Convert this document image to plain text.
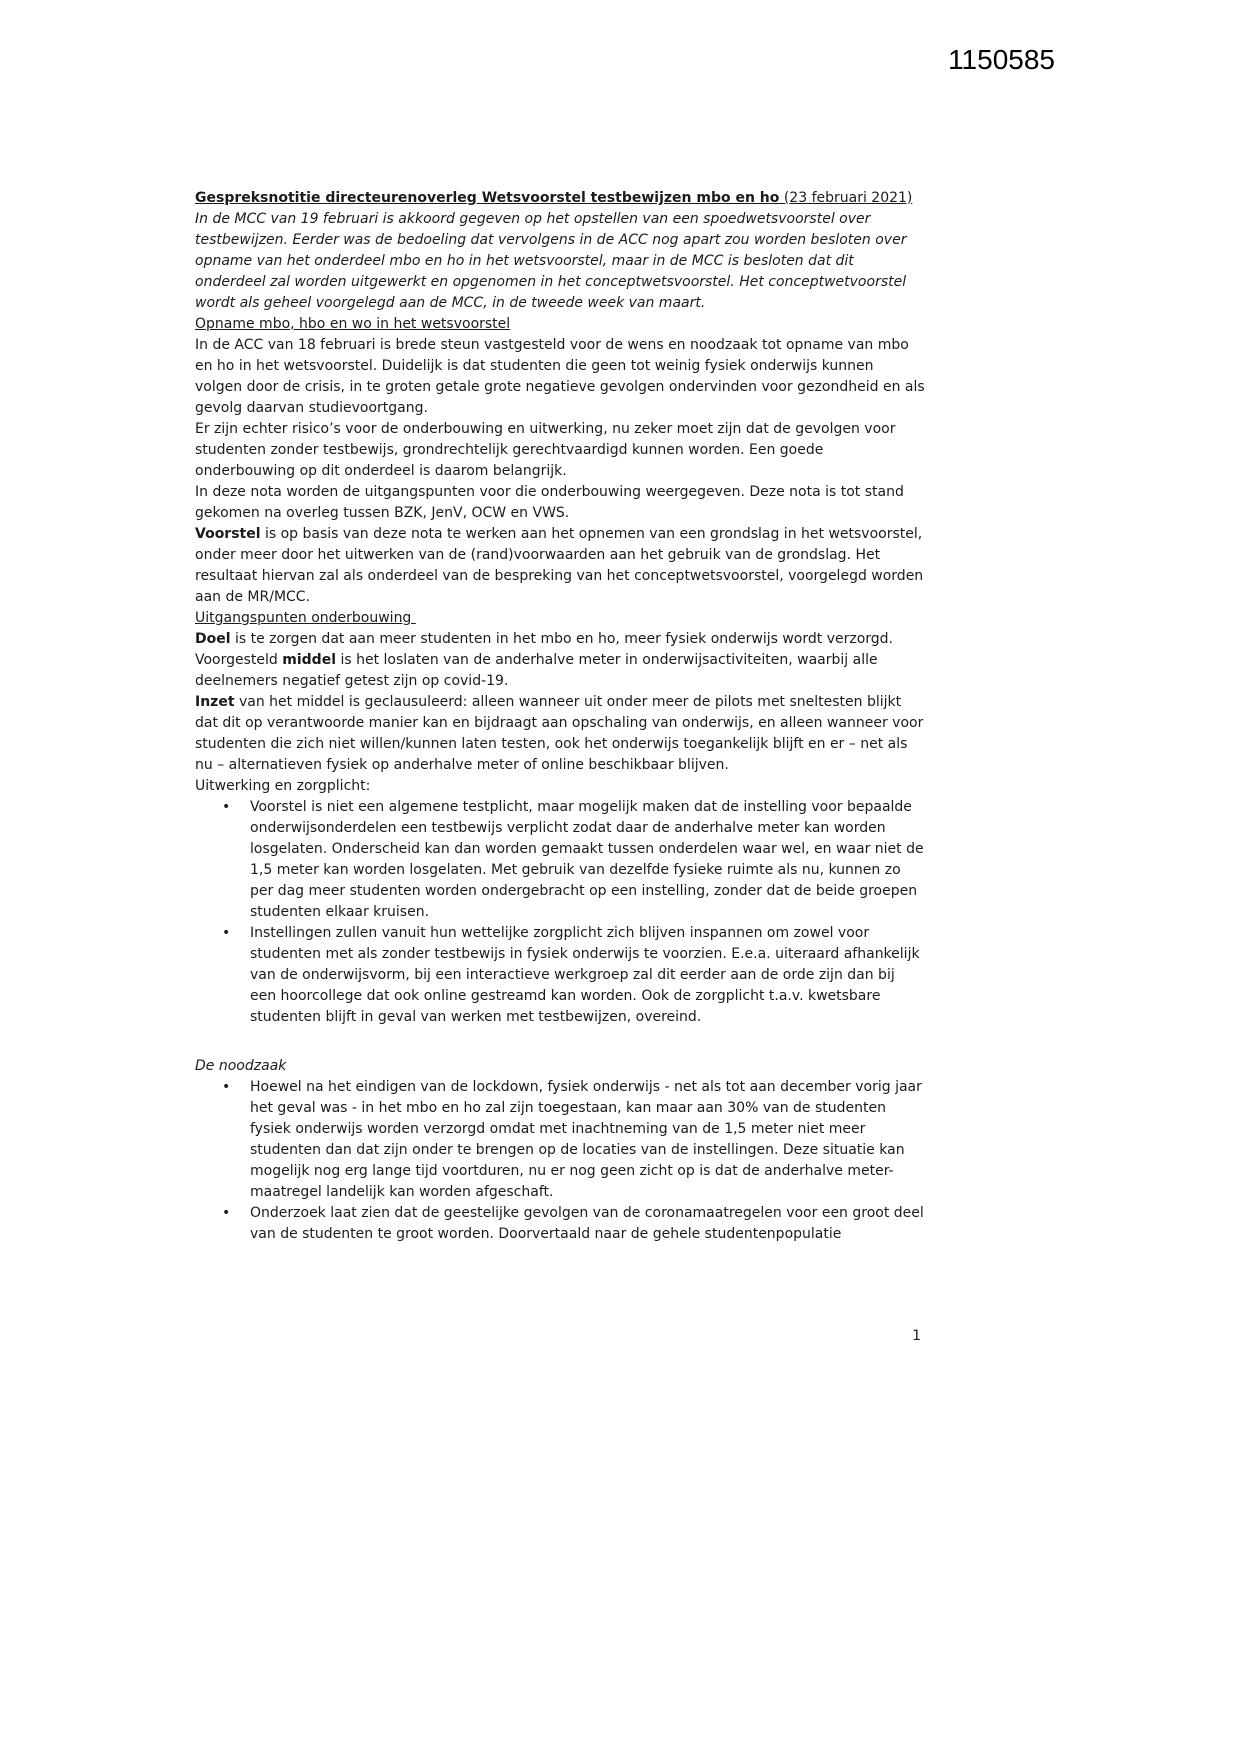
1150585

Gespreksnotitie directeurenoverleg Wetsvoorstel testbewijzen mbo en ho (23 februari 2021)

In de MCC van 19 februari is akkoord gegeven op het opstellen van een spoedwetsvoorstel over testbewijzen. Eerder was de bedoeling dat vervolgens in de ACC nog apart zou worden besloten over opname van het onderdeel mbo en ho in het wetsvoorstel, maar in de MCC is besloten dat dit onderdeel zal worden uitgewerkt en opgenomen in het conceptwetsvoorstel. Het conceptwetvoorstel wordt als geheel voorgelegd aan de MCC, in de tweede week van maart.

Opname mbo, hbo en wo in het wetsvoorstel

In de ACC van 18 februari is brede steun vastgesteld voor de wens en noodzaak tot opname van mbo en ho in het wetsvoorstel. Duidelijk is dat studenten die geen tot weinig fysiek onderwijs kunnen volgen door de crisis, in te groten getale grote negatieve gevolgen ondervinden voor gezondheid en als gevolg daarvan studievoortgang.

Er zijn echter risico’s voor de onderbouwing en uitwerking, nu zeker moet zijn dat de gevolgen voor studenten zonder testbewijs, grondrechtelijk gerechtvaardigd kunnen worden. Een goede onderbouwing op dit onderdeel is daarom belangrijk.

In deze nota worden de uitgangspunten voor die onderbouwing weergegeven. Deze nota is tot stand gekomen na overleg tussen BZK, JenV, OCW en VWS.

Voorstel is op basis van deze nota te werken aan het opnemen van een grondslag in het wetsvoorstel, onder meer door het uitwerken van de (rand)voorwaarden aan het gebruik van de grondslag. Het resultaat hiervan zal als onderdeel van de bespreking van het conceptwetsvoorstel, voorgelegd worden aan de MR/MCC.

Uitgangspunten onderbouwing

Doel is te zorgen dat aan meer studenten in het mbo en ho, meer fysiek onderwijs wordt verzorgd.

Voorgesteld middel is het loslaten van de anderhalve meter in onderwijsactiviteiten, waarbij alle deelnemers negatief getest zijn op covid-19.

Inzet van het middel is geclausuleerd: alleen wanneer uit onder meer de pilots met sneltesten blijkt dat dit op verantwoorde manier kan en bijdraagt aan opschaling van onderwijs, en alleen wanneer voor studenten die zich niet willen/kunnen laten testen, ook het onderwijs toegankelijk blijft en er – net als nu – alternatieven fysiek op anderhalve meter of online beschikbaar blijven.

Uitwerking en zorgplicht:
• Voorstel is niet een algemene testplicht, maar mogelijk maken dat de instelling voor bepaalde onderwijsonderdelen een testbewijs verplicht zodat daar de anderhalve meter kan worden losgelaten. Onderscheid kan dan worden gemaakt tussen onderdelen waar wel, en waar niet de 1,5 meter kan worden losgelaten. Met gebruik van dezelfde fysieke ruimte als nu, kunnen zo per dag meer studenten worden ondergebracht op een instelling, zonder dat de beide groepen studenten elkaar kruisen.
• Instellingen zullen vanuit hun wettelijke zorgplicht zich blijven inspannen om zowel voor studenten met als zonder testbewijs in fysiek onderwijs te voorzien. E.e.a. uiteraard afhankelijk van de onderwijsvorm, bij een interactieve werkgroep zal dit eerder aan de orde zijn dan bij een hoorcollege dat ook online gestreamd kan worden. Ook de zorgplicht t.a.v. kwetsbare studenten blijft in geval van werken met testbewijzen, overeind.
De noodzaak
• Hoewel na het eindigen van de lockdown, fysiek onderwijs - net als tot aan december vorig jaar het geval was - in het mbo en ho zal zijn toegestaan, kan maar aan 30% van de studenten fysiek onderwijs worden verzorgd omdat met inachtneming van de 1,5 meter niet meer studenten dan dat zijn onder te brengen op de locaties van de instellingen. Deze situatie kan mogelijk nog erg lange tijd voortduren, nu er nog geen zicht op is dat de anderhalve meter-maatregel landelijk kan worden afgeschaft.
• Onderzoek laat zien dat de geestelijke gevolgen van de coronamaatregelen voor een groot deel van de studenten te groot worden. Doorvertaald naar de gehele studentenpopulatie
1
